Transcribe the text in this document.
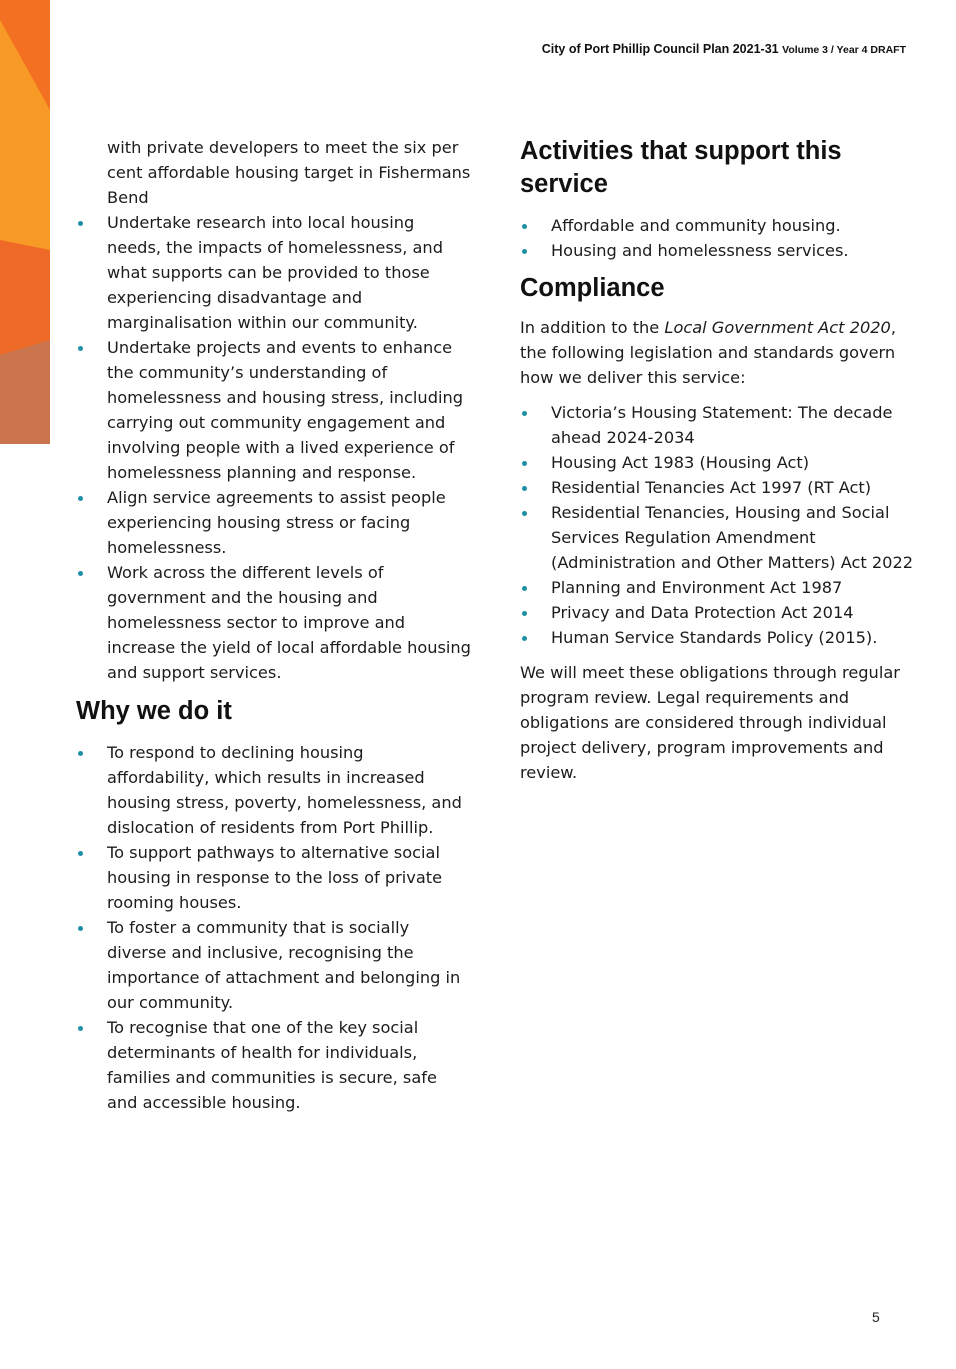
City of Port Phillip Council Plan 2021-31 Volume 3 / Year 4 DRAFT

with private developers to meet the six per cent affordable housing target in Fishermans Bend

Undertake research into local housing needs, the impacts of homelessness, and what supports can be provided to those experiencing disadvantage and marginalisation within our community.
Undertake projects and events to enhance the community’s understanding of homelessness and housing stress, including carrying out community engagement and involving people with a lived experience of homelessness planning and response.
Align service agreements to assist people experiencing housing stress or facing homelessness.
Work across the different levels of government and the housing and homelessness sector to improve and increase the yield of local affordable housing and support services.
Why we do it
To respond to declining housing affordability, which results in increased housing stress, poverty, homelessness, and dislocation of residents from Port Phillip.
To support pathways to alternative social housing in response to the loss of private rooming houses.
To foster a community that is socially diverse and inclusive, recognising the importance of attachment and belonging in our community.
To recognise that one of the key social determinants of health for individuals, families and communities is secure, safe and accessible housing.
Activities that support this service
Affordable and community housing.
Housing and homelessness services.
Compliance

In addition to the Local Government Act 2020, the following legislation and standards govern how we deliver this service:

Victoria’s Housing Statement: The decade ahead 2024-2034
Housing Act 1983 (Housing Act)
Residential Tenancies Act 1997 (RT Act)
Residential Tenancies, Housing and Social Services Regulation Amendment (Administration and Other Matters) Act 2022
Planning and Environment Act 1987
Privacy and Data Protection Act 2014
Human Service Standards Policy (2015).

We will meet these obligations through regular program review. Legal requirements and obligations are considered through individual project delivery, program improvements and review.

5
